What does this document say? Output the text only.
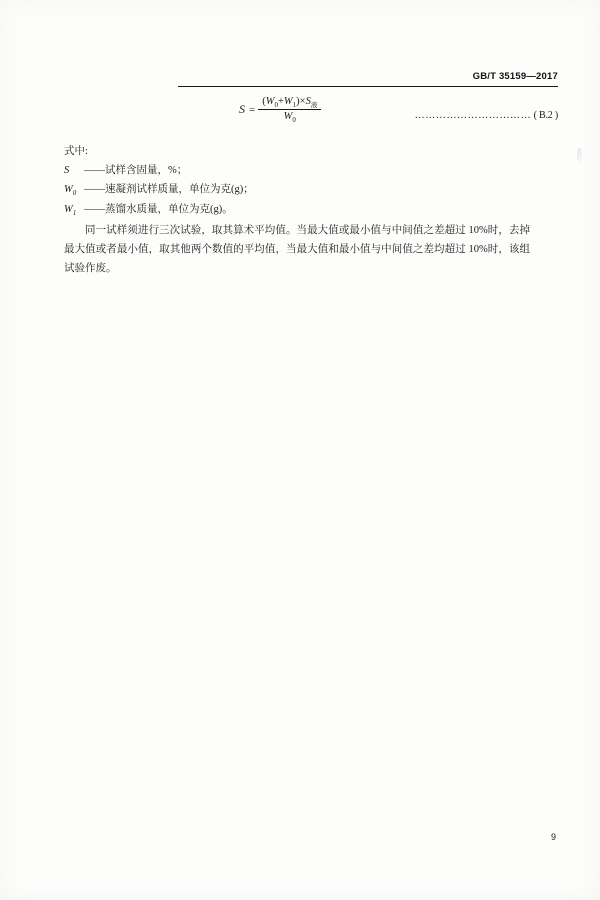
GB/T 35159—2017
$S = \frac{(W_0+W_1)\times S_液}{W_0}$	…………………………… ( B.2 )
式中:
S ——试样含固量，%；
$W_0$ ——速凝剂试样质量，单位为克(g)；
$W_1$ ——蒸馏水质量，单位为克(g)。
同一试样须进行三次试验，取其算术平均值。当最大值或最小值与中间值之差超过 10%时，去掉最大值或者最小值，取其他两个数值的平均值，当最大值和最小值与中间值之差均超过 10%时，该组试验作废。
9
